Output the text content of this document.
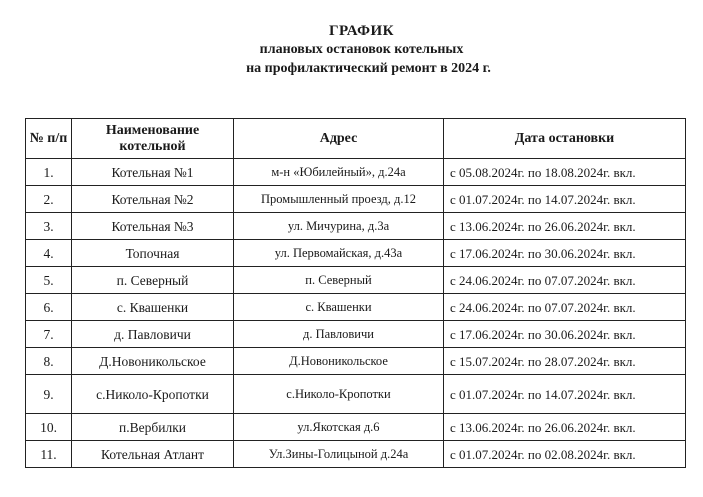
ГРАФИК
плановых остановок котельных
на профилактический ремонт в 2024 г.
№ п/п	Наименование котельной	Адрес	Дата остановки
1.	Котельная №1	м-н «Юбилейный», д.24а	с 05.08.2024г. по 18.08.2024г. вкл.
2.	Котельная №2	Промышленный проезд, д.12	с 01.07.2024г. по 14.07.2024г. вкл.
3.	Котельная №3	ул. Мичурина, д.3а	с 13.06.2024г. по 26.06.2024г. вкл.
4.	Топочная	ул. Первомайская, д.43а	с 17.06.2024г. по 30.06.2024г. вкл.
5.	п. Северный	п. Северный	с 24.06.2024г. по 07.07.2024г. вкл.
6.	с. Квашенки	с. Квашенки	с 24.06.2024г. по 07.07.2024г. вкл.
7.	д. Павловичи	д. Павловичи	с 17.06.2024г. по 30.06.2024г. вкл.
8.	Д.Новоникольское	Д.Новоникольское	с 15.07.2024г. по 28.07.2024г. вкл.
9.	с.Николо-Кропотки	с.Николо-Кропотки	с 01.07.2024г. по 14.07.2024г. вкл.
10.	п.Вербилки	ул.Якотская д.6	с 13.06.2024г. по 26.06.2024г. вкл.
11.	Котельная Атлант	Ул.Зины-Голицыной д.24а	с 01.07.2024г. по 02.08.2024г. вкл.
